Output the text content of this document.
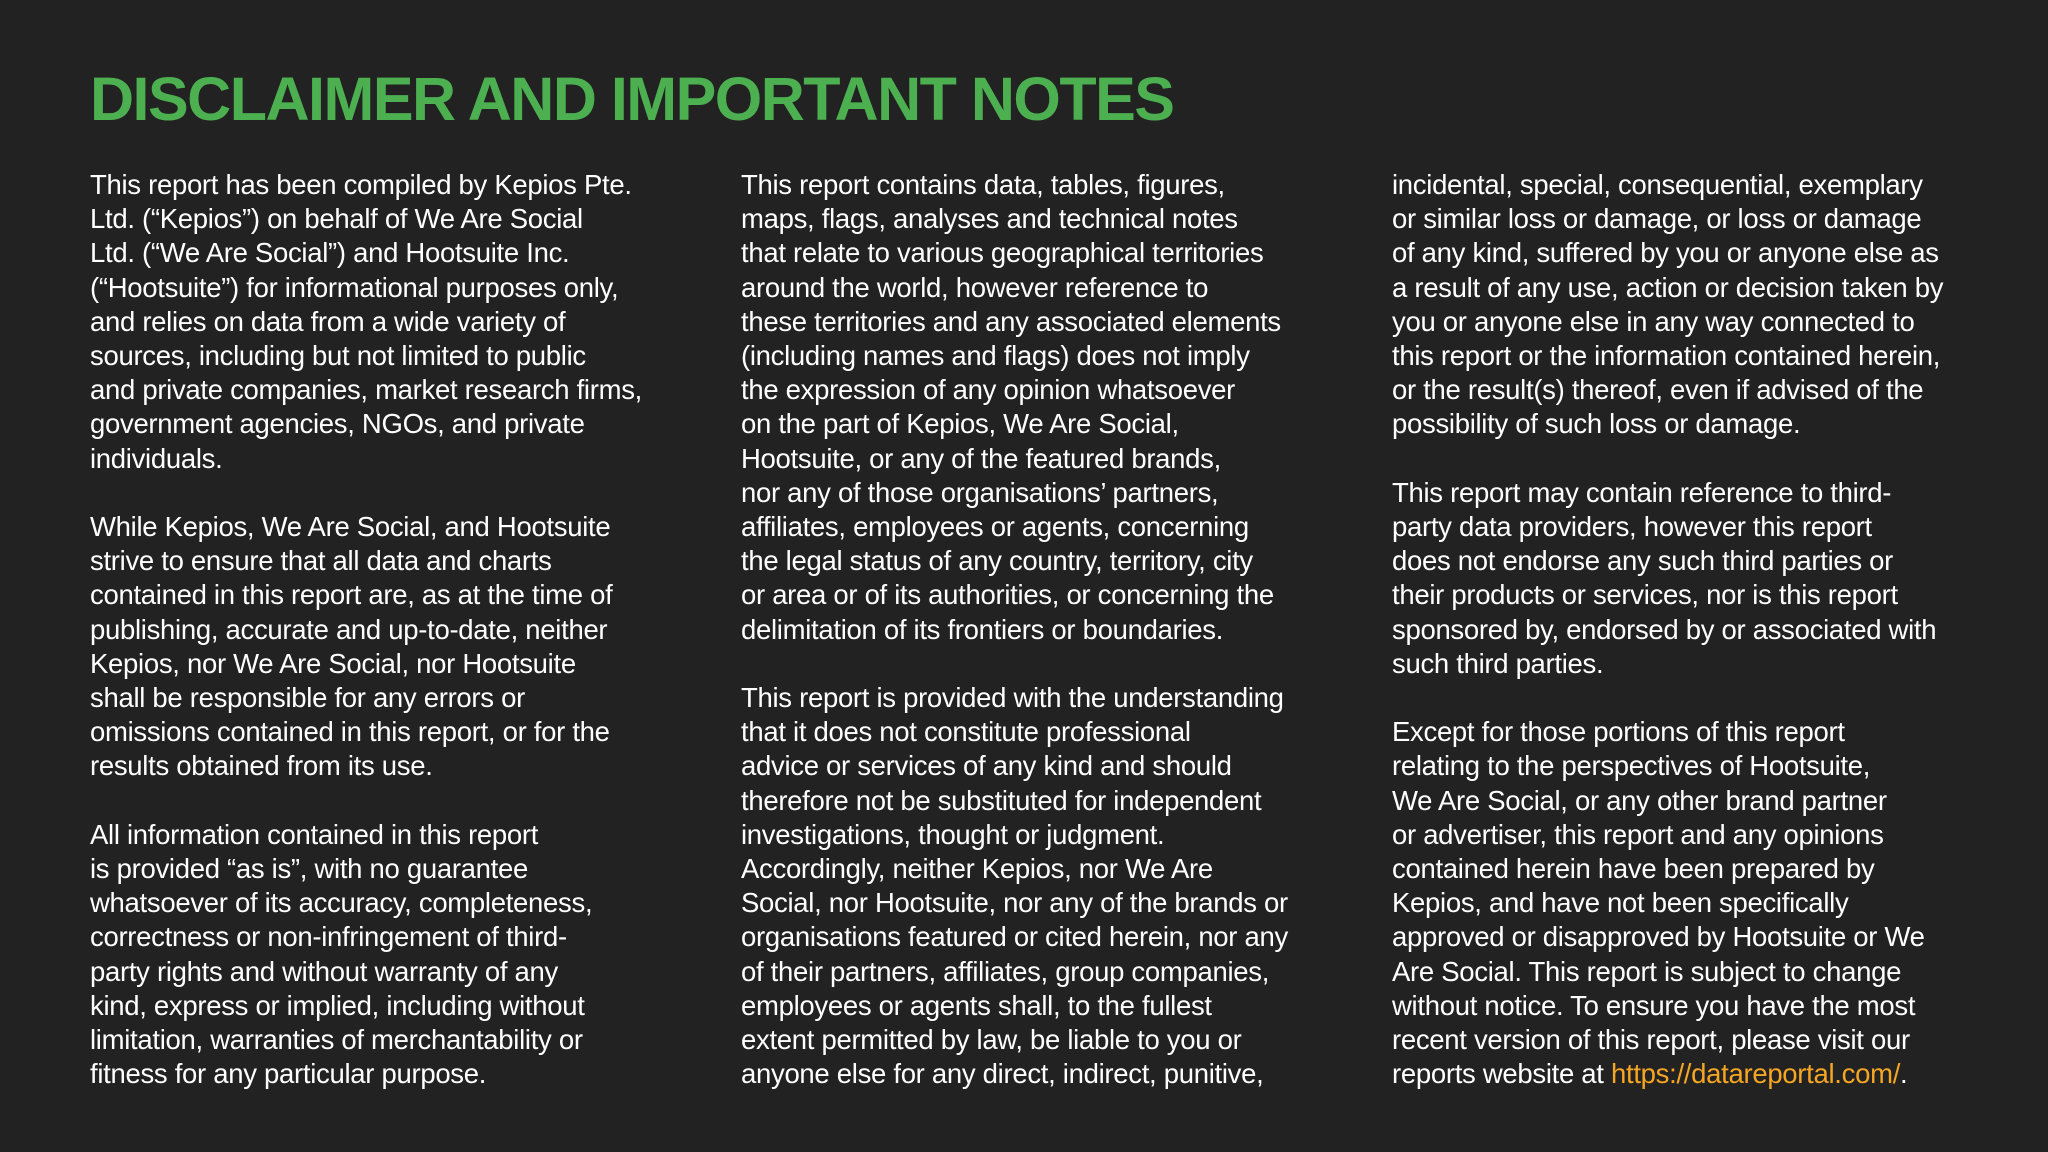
DISCLAIMER AND IMPORTANT NOTES

This report has been compiled by Kepios Pte.
Ltd. (“Kepios”) on behalf of We Are Social
Ltd. (“We Are Social”) and Hootsuite Inc.
(“Hootsuite”) for informational purposes only,
and relies on data from a wide variety of
sources, including but not limited to public
and private companies, market research firms,
government agencies, NGOs, and private
individuals.

While Kepios, We Are Social, and Hootsuite
strive to ensure that all data and charts
contained in this report are, as at the time of
publishing, accurate and up-to-date, neither
Kepios, nor We Are Social, nor Hootsuite
shall be responsible for any errors or
omissions contained in this report, or for the
results obtained from its use.

All information contained in this report
is provided “as is”, with no guarantee
whatsoever of its accuracy, completeness,
correctness or non-infringement of third-
party rights and without warranty of any
kind, express or implied, including without
limitation, warranties of merchantability or
fitness for any particular purpose.

This report contains data, tables, figures,
maps, flags, analyses and technical notes
that relate to various geographical territories
around the world, however reference to
these territories and any associated elements
(including names and flags) does not imply
the expression of any opinion whatsoever
on the part of Kepios, We Are Social,
Hootsuite, or any of the featured brands,
nor any of those organisations’ partners,
affiliates, employees or agents, concerning
the legal status of any country, territory, city
or area or of its authorities, or concerning the
delimitation of its frontiers or boundaries.

This report is provided with the understanding
that it does not constitute professional
advice or services of any kind and should
therefore not be substituted for independent
investigations, thought or judgment.
Accordingly, neither Kepios, nor We Are
Social, nor Hootsuite, nor any of the brands or
organisations featured or cited herein, nor any
of their partners, affiliates, group companies,
employees or agents shall, to the fullest
extent permitted by law, be liable to you or
anyone else for any direct, indirect, punitive,

incidental, special, consequential, exemplary
or similar loss or damage, or loss or damage
of any kind, suffered by you or anyone else as
a result of any use, action or decision taken by
you or anyone else in any way connected to
this report or the information contained herein,
or the result(s) thereof, even if advised of the
possibility of such loss or damage.

This report may contain reference to third-
party data providers, however this report
does not endorse any such third parties or
their products or services, nor is this report
sponsored by, endorsed by or associated with
such third parties.

Except for those portions of this report
relating to the perspectives of Hootsuite,
We Are Social, or any other brand partner
or advertiser, this report and any opinions
contained herein have been prepared by
Kepios, and have not been specifically
approved or disapproved by Hootsuite or We
Are Social. This report is subject to change
without notice. To ensure you have the most
recent version of this report, please visit our
reports website at https://datareportal.com/.
